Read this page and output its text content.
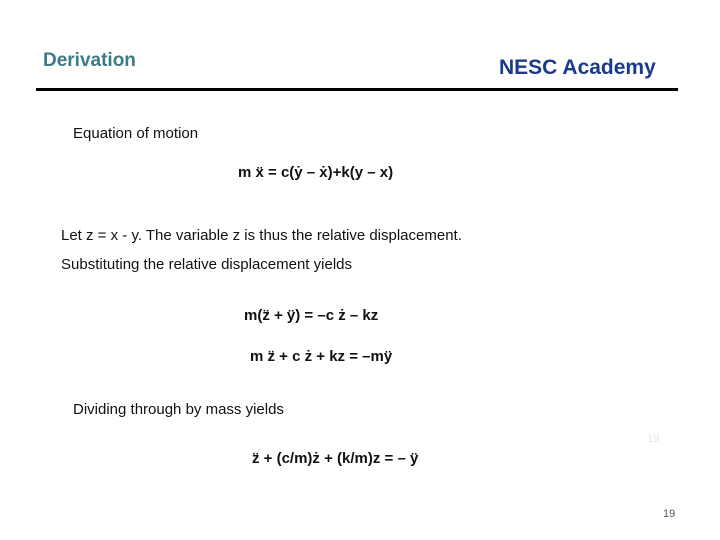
Derivation	NESC Academy
Equation of motion
m ẍ = c(ẏ – ẋ)+k(y – x)
Let z = x - y. The variable z is thus the relative displacement.
Substituting the relative displacement yields
m(z̈ + ÿ) = –c ż – kz
m z̈ + c ż + kz = –mÿ
Dividing through by mass yields
z̈ + (c/m)ż + (k/m)z = – ÿ
19
19
